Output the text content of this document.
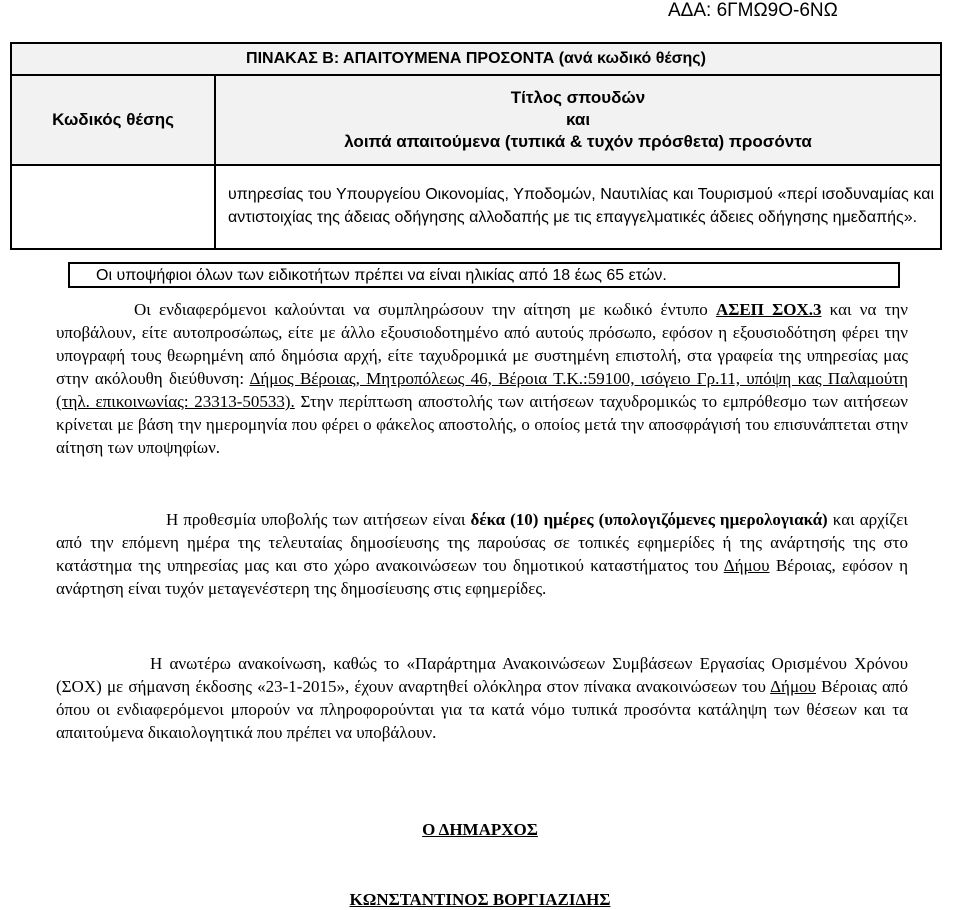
ΑΔΑ: 6ΓΜΩ9Ο-6ΝΩ
ΠΙΝΑΚΑΣ Β: ΑΠΑΙΤΟΥΜΕΝΑ ΠΡΟΣΟΝΤΑ (ανά κωδικό θέσης)	
Κωδικός θέσης	Τίτλος σπουδών
και
λοιπά απαιτούμενα (τυπικά & τυχόν πρόσθετα) προσόντα

	υπηρεσίας του Υπουργείου Οικονομίας, Υποδομών, Ναυτιλίας και Τουρισμού «περί ισοδυναμίας και αντιστοιχίας της άδειας οδήγησης αλλοδαπής με τις επαγγελματικές άδειες οδήγησης ημεδαπής».
Οι υποψήφιοι όλων των ειδικοτήτων πρέπει να είναι ηλικίας από 18 έως 65 ετών.
Οι ενδιαφερόμενοι καλούνται να συμπληρώσουν την αίτηση με κωδικό έντυπο ΑΣΕΠ ΣΟΧ.3 και να την υποβάλουν, είτε αυτοπροσώπως, είτε με άλλο εξουσιοδοτημένο από αυτούς πρόσωπο, εφόσον η εξουσιοδότηση φέρει την υπογραφή τους θεωρημένη από δημόσια αρχή, είτε ταχυδρομικά με συστημένη επιστολή, στα γραφεία της υπηρεσίας μας στην ακόλουθη διεύθυνση: Δήμος Βέροιας, Μητροπόλεως 46, Βέροια Τ.Κ.:59100, ισόγειο Γρ.11, υπόψη κας Παλαμούτη (τηλ. επικοινωνίας: 23313-50533). Στην περίπτωση αποστολής των αιτήσεων ταχυδρομικώς το εμπρόθεσμο των αιτήσεων κρίνεται με βάση την ημερομηνία που φέρει ο φάκελος αποστολής, ο οποίος μετά την αποσφράγισή του επισυνάπτεται στην αίτηση των υποψηφίων.
Η προθεσμία υποβολής των αιτήσεων είναι δέκα (10) ημέρες (υπολογιζόμενες ημερολογιακά) και αρχίζει από την επόμενη ημέρα της τελευταίας δημοσίευσης της παρούσας σε τοπικές εφημερίδες ή της ανάρτησής της στο κατάστημα της υπηρεσίας μας και στο χώρο ανακοινώσεων του δημοτικού καταστήματος του Δήμου Βέροιας, εφόσον η ανάρτηση είναι τυχόν μεταγενέστερη της δημοσίευσης στις εφημερίδες.
Η ανωτέρω ανακοίνωση, καθώς το «Παράρτημα Ανακοινώσεων Συμβάσεων Εργασίας Ορισμένου Χρόνου (ΣΟΧ) με σήμανση έκδοσης «23-1-2015», έχουν αναρτηθεί ολόκληρα στον πίνακα ανακοινώσεων του Δήμου Βέροιας από όπου οι ενδιαφερόμενοι μπορούν να πληροφορούνται για τα κατά νόμο τυπικά προσόντα κατάληψη των θέσεων και τα απαιτούμενα δικαιολογητικά που πρέπει να υποβάλουν.
Ο ΔΗΜΑΡΧΟΣ
ΚΩΝΣΤΑΝΤΙΝΟΣ ΒΟΡΓΙΑΖΙΔΗΣ
